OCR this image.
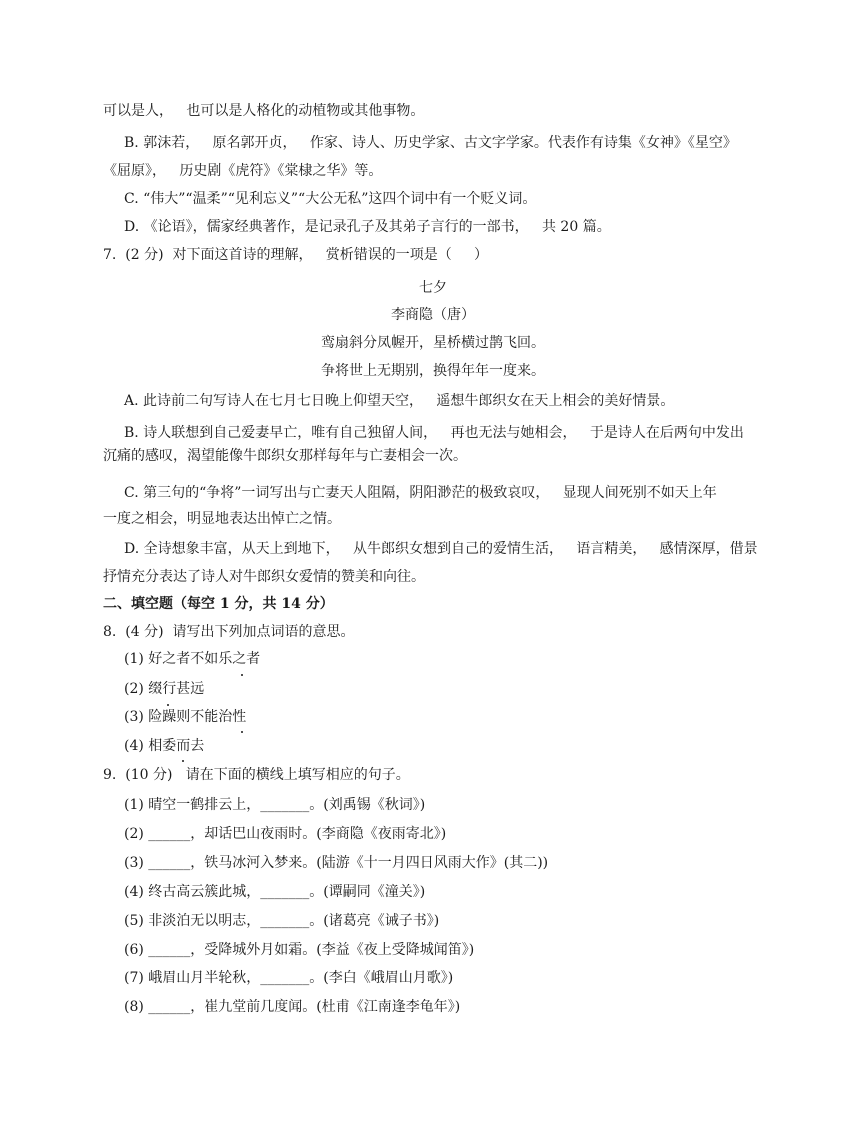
可以是人，   也可以是人格化的动植物或其他事物。
B. 郭沫若，   原名郭开贞，   作家、诗人、历史学家、古文字学家。代表作有诗集《女神》《星空》
《屈原》，   历史剧《虎符》《棠棣之华》等。
C. “伟大”“温柔”“见利忘义”“大公无私”这四个词中有一个贬义词。
D. 《论语》，儒家经典著作，是记录孔子及其弟子言行的一部书，   共 20 篇。
7.  (2 分)  对下面这首诗的理解，   赏析错误的一项是（     ）
七夕
李商隐（唐）
鸾扇斜分凤幄开，星桥横过鹊飞回。
争将世上无期别，换得年年一度来。
A. 此诗前二句写诗人在七月七日晚上仰望天空，   遥想牛郎织女在天上相会的美好情景。
B. 诗人联想到自己爱妻早亡，唯有自己独留人间，   再也无法与她相会，   于是诗人在后两句中发出
沉痛的感叹，渴望能像牛郎织女那样每年与亡妻相会一次。
C. 第三句的“争将”一词写出与亡妻天人阻隔，阴阳渺茫的极致哀叹，   显现人间死别不如天上年
一度之相会，明显地表达出悼亡之情。
D. 全诗想象丰富，从天上到地下，   从牛郎织女想到自己的爱情生活，   语言精美，   感情深厚，借景
抒情充分表达了诗人对牛郎织女爱情的赞美和向往。
二、填空题（每空 1 分，共 14 分）
8.  (4 分)  请写出下列加点词语的意思。
(1) 好之者不如乐之者
(2) 缀行甚远
(3) 险躁则不能治性
(4) 相委而去
9.  (10 分)   请在下面的横线上填写相应的句子。
(1) 晴空一鹤排云上，_______。(刘禹锡《秋词》)
(2) ______，却话巴山夜雨时。(李商隐《夜雨寄北》)
(3) ______，铁马冰河入梦来。(陆游《十一月四日风雨大作》(其二))
(4) 终古高云簇此城，_______。(谭嗣同《潼关》)
(5) 非淡泊无以明志，_______。(诸葛亮《诫子书》)
(6) ______，受降城外月如霜。(李益《夜上受降城闻笛》)
(7) 峨眉山月半轮秋，_______。(李白《峨眉山月歌》)
(8) ______，崔九堂前几度闻。(杜甫《江南逢李龟年》)
